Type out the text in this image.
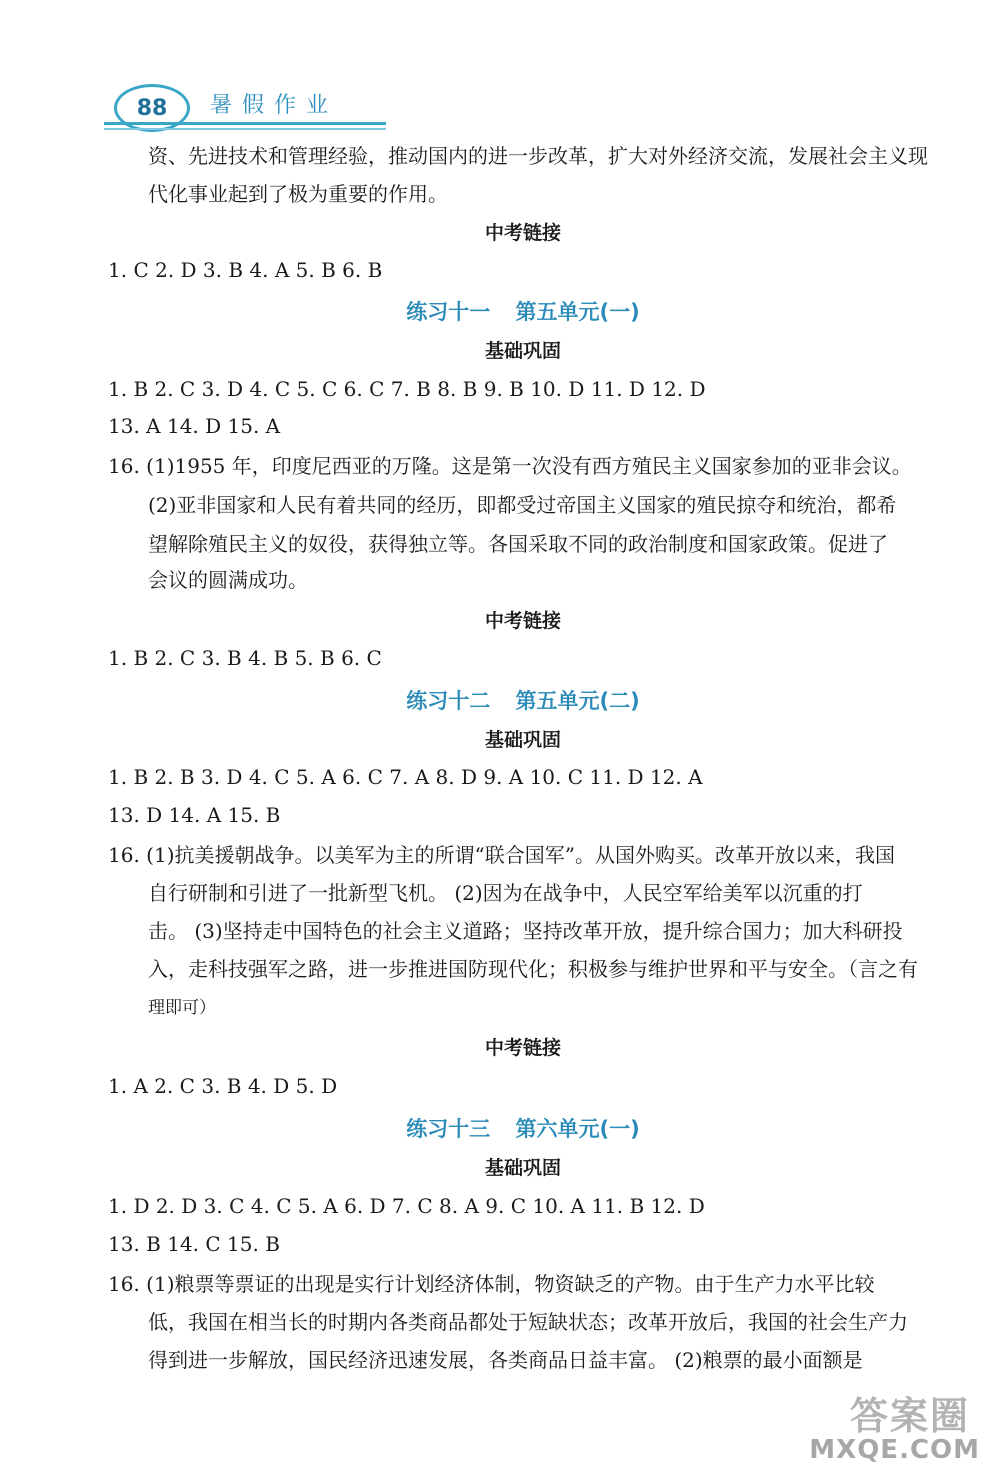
88	暑假作业
资、先进技术和管理经验，推动国内的进一步改革，扩大对外经济交流，发展社会主义现
代化事业起到了极为重要的作用。
中考链接
1. C 2. D 3. B 4. A 5. B 6. B
练习十一 第五单元(一)
基础巩固
1. B 2. C 3. D 4. C 5. C 6. C 7. B 8. B 9. B 10. D 11. D 12. D
13. A 14. D 15. A
16. (1)1955 年，印度尼西亚的万隆。这是第一次没有西方殖民主义国家参加的亚非会议。
(2)亚非国家和人民有着共同的经历，即都受过帝国主义国家的殖民掠夺和统治，都希
望解除殖民主义的奴役，获得独立等。各国采取不同的政治制度和国家政策。促进了
会议的圆满成功。
中考链接
1. B 2. C 3. B 4. B 5. B 6. C
练习十二 第五单元(二)
基础巩固
1. B 2. B 3. D 4. C 5. A 6. C 7. A 8. D 9. A 10. C 11. D 12. A
13. D 14. A 15. B
16. (1)抗美援朝战争。以美军为主的所谓“联合国军”。从国外购买。改革开放以来，我国
自行研制和引进了一批新型飞机。 (2)因为在战争中，人民空军给美军以沉重的打
击。 (3)坚持走中国特色的社会主义道路；坚持改革开放，提升综合国力；加大科研投
入，走科技强军之路，进一步推进国防现代化；积极参与维护世界和平与安全。（言之有
理即可）
中考链接
1. A 2. C 3. B 4. D 5. D
练习十三 第六单元(一)
基础巩固
1. D 2. D 3. C 4. C 5. A 6. D 7. C 8. A 9. C 10. A 11. B 12. D
13. B 14. C 15. B
16. (1)粮票等票证的出现是实行计划经济体制，物资缺乏的产物。由于生产力水平比较
低，我国在相当长的时期内各类商品都处于短缺状态；改革开放后，我国的社会生产力
得到进一步解放，国民经济迅速发展，各类商品日益丰富。 (2)粮票的最小面额是
答案圈
MXQE.COM
